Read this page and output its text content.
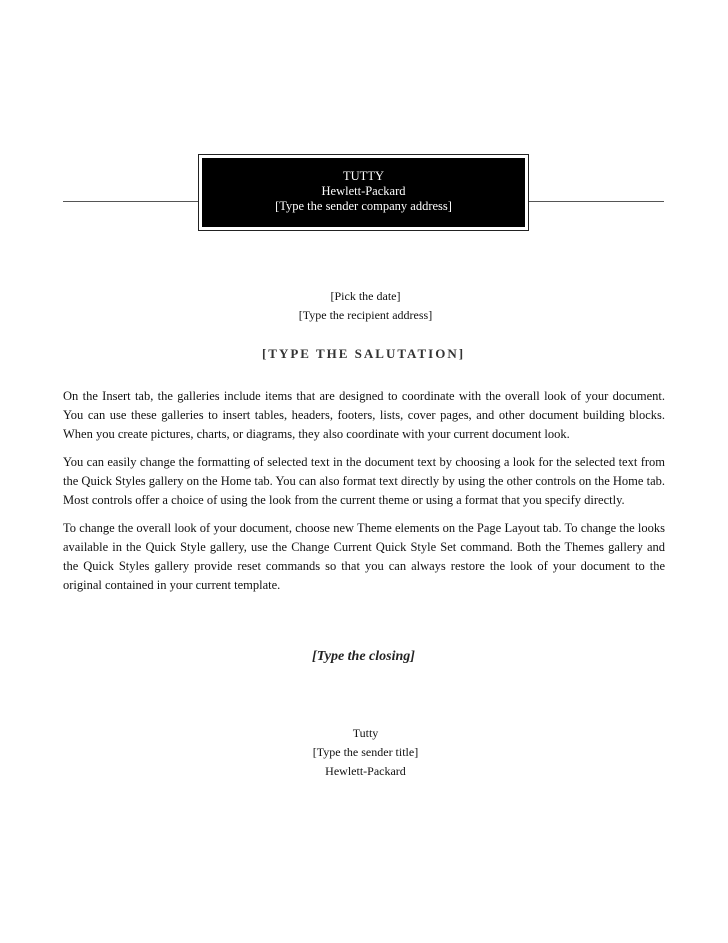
TUTTY
Hewlett-Packard
[Type the sender company address]
[Pick the date]
[Type the recipient address]
[TYPE THE SALUTATION]

On the Insert tab, the galleries include items that are designed to coordinate with the overall look of your document. You can use these galleries to insert tables, headers, footers, lists, cover pages, and other document building blocks. When you create pictures, charts, or diagrams, they also coordinate with your current document look.

You can easily change the formatting of selected text in the document text by choosing a look for the selected text from the Quick Styles gallery on the Home tab. You can also format text directly by using the other controls on the Home tab. Most controls offer a choice of using the look from the current theme or using a format that you specify directly.

To change the overall look of your document, choose new Theme elements on the Page Layout tab. To change the looks available in the Quick Style gallery, use the Change Current Quick Style Set command. Both the Themes gallery and the Quick Styles gallery provide reset commands so that you can always restore the look of your document to the original contained in your current template.

[Type the closing]
Tutty
[Type the sender title]
Hewlett-Packard
